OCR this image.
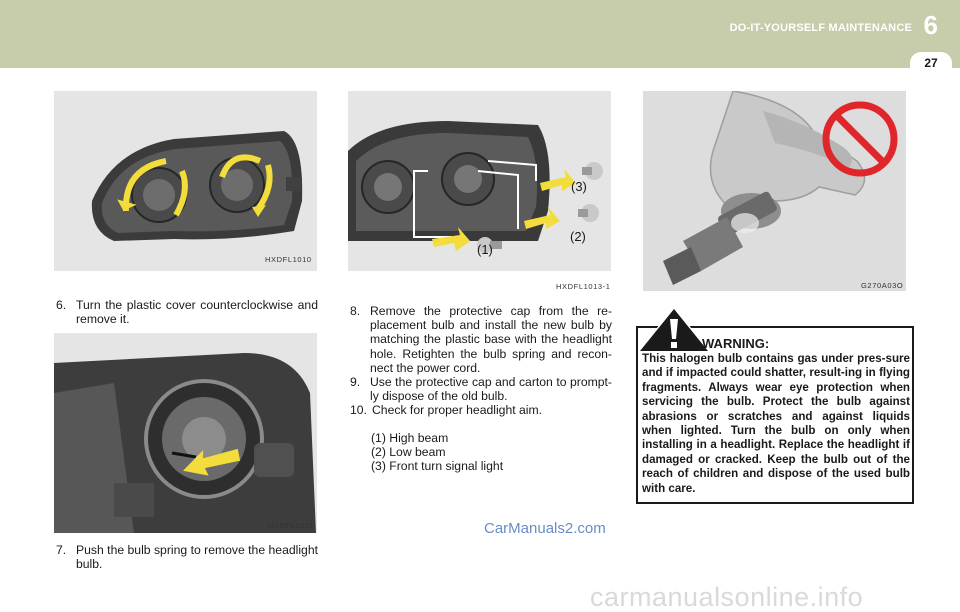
DO-IT-YOURSELF MAINTENANCE 6
27
HXDFL1010
HXDFL1011
6. Turn the plastic cover counterclockwise and remove it.
7. Push the bulb spring to remove the headlight bulb.
(1)
(2)
(3)
HXDFL1013-1
8. Remove the protective cap from the re-placement bulb and install the new bulb by matching the plastic base with the headlight hole. Retighten the bulb spring and recon-nect the power cord.
9. Use the protective cap and carton to prompt-ly dispose of the old bulb.
10. Check for proper headlight aim.
(1) High beam
(2) Low beam
(3) Front turn signal light
G270A03O
WARNING:
This halogen bulb contains gas under pres-sure and if impacted could shatter, result-ing in flying fragments. Always wear eye protection when servicing the bulb. Protect the bulb against abrasions or scratches and against liquids when lighted. Turn the bulb on only when installing in a headlight. Replace the headlight if damaged or cracked. Keep the bulb out of the reach of children and dispose of the used bulb with care.
CarManuals2.com
carmanualsonline.info
